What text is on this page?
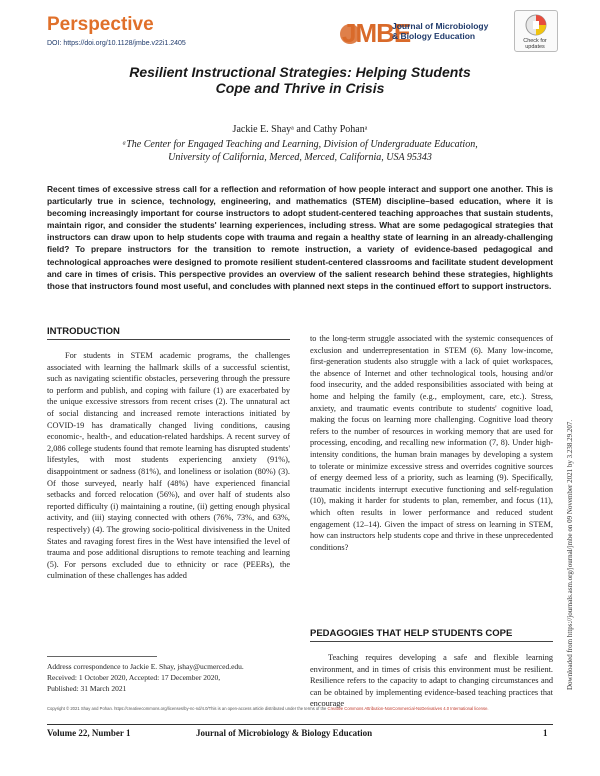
Perspective
DOI: https://doi.org/10.1128/jmbe.v22i1.2405	JMBE
Journal of Microbiology
& Biology Education	Check for updates
Resilient Instructional Strategies: Helping Students
Cope and Thrive in Crisis
Jackie E. Shayᵃ and Cathy Pohanᵃ
ᵃThe Center for Engaged Teaching and Learning, Division of Undergraduate Education,
University of California, Merced, Merced, California, USA 95343
Recent times of excessive stress call for a reflection and reformation of how people interact and support one another. This is particularly true in science, technology, engineering, and mathematics (STEM) discipline–based education, where it is becoming increasingly important for course instructors to adopt student-centered teaching approaches that sustain students, maintain rigor, and consider the students' learning experiences, including stress. What are some pedagogical strategies that instructors can draw upon to help students cope with trauma and regain a healthy state of learning in an already-challenging field? To prepare instructors for the transition to remote instruction, a variety of evidence-based pedagogical and technological approaches were designed to promote resilient student-centered classrooms and facilitate student development and care in times of crisis. This perspective provides an overview of the salient research behind these strategies, highlights those that instructors found most useful, and concludes with planned next steps in the continued effort to support instructors.
INTRODUCTION
For students in STEM academic programs, the challenges associated with learning the hallmark skills of a successful scientist, such as navigating scientific obstacles, persevering through the pressure to perform and publish, and coping with failure (1) are exacerbated by the unique excessive stressors from recent crises (2). The unnatural act of social distancing and increased remote interactions initiated by COVID-19 has dramatically changed living conditions, causing economic-, health-, and education-related hardships. A recent survey of 2,086 college students found that remote learning has disrupted students' lifestyles, with most students experiencing anxiety (91%), disappointment or sadness (81%), and loneliness or isolation (80%) (3). Of those surveyed, nearly half (48%) have experienced financial setbacks and forced relocation (56%), and over half of students also reported difficulty (i) maintaining a routine, (ii) getting enough physical activity, and (iii) staying connected with others (76%, 73%, and 63%, respectively) (4). The growing socio-political divisiveness in the United States and ravaging forest fires in the West have intensified the level of trauma and pose additional disruptions to remote teaching and learning (5). For persons excluded due to ethnicity or race (PEERs), the culmination of these challenges has added
to the long-term struggle associated with the systemic consequences of exclusion and underrepresentation in STEM (6). Many low-income, first-generation students also struggle with a lack of quiet workspaces, the absence of Internet and other technological tools, housing and/or food insecurity, and the added responsibilities associated with being at home and helping the family (e.g., employment, care, etc.). Stress, anxiety, and traumatic events contribute to students' cognitive load, making the focus on learning more challenging. Cognitive load theory refers to the number of resources in working memory that are used for processing, encoding, and recalling new information (7, 8). Under high-intensity conditions, the human brain manages by developing a system to tolerate or minimize excessive stress and overrides cognitive sources of energy deemed less of a priority, such as learning (9). Specifically, traumatic incidents interrupt executive functioning and self-regulation (10), making it harder for students to plan, remember, and focus (11), which often results in lower performance and reduced student engagement (12–14). Given the impact of stress on learning in STEM, how can instructors help students cope and thrive in these unprecedented conditions?
PEDAGOGIES THAT HELP STUDENTS COPE
Teaching requires developing a safe and flexible learning environment, and in times of crisis this environment must be resilient. Resilience refers to the capacity to adapt to changing circumstances and can be obtained by implementing evidence-based teaching practices that encourage
Address correspondence to Jackie E. Shay, jshay@ucmerced.edu.
Received: 1 October 2020, Accepted: 17 December 2020,
Published: 31 March 2021
Copyright © 2021 Shay and Pohan. https://creativecommons.org/licenses/by-nc-nd/4.0/This is an open-access article distributed under the terms of the Creative Commons Attribution-NonCommercial-NoDerivatives 4.0 International license.
Volume 22, Number 1	Journal of Microbiology & Biology Education	1
Downloaded from https://journals.asm.org/journal/jmbe on 09 November 2021 by 3.238.29.207.
